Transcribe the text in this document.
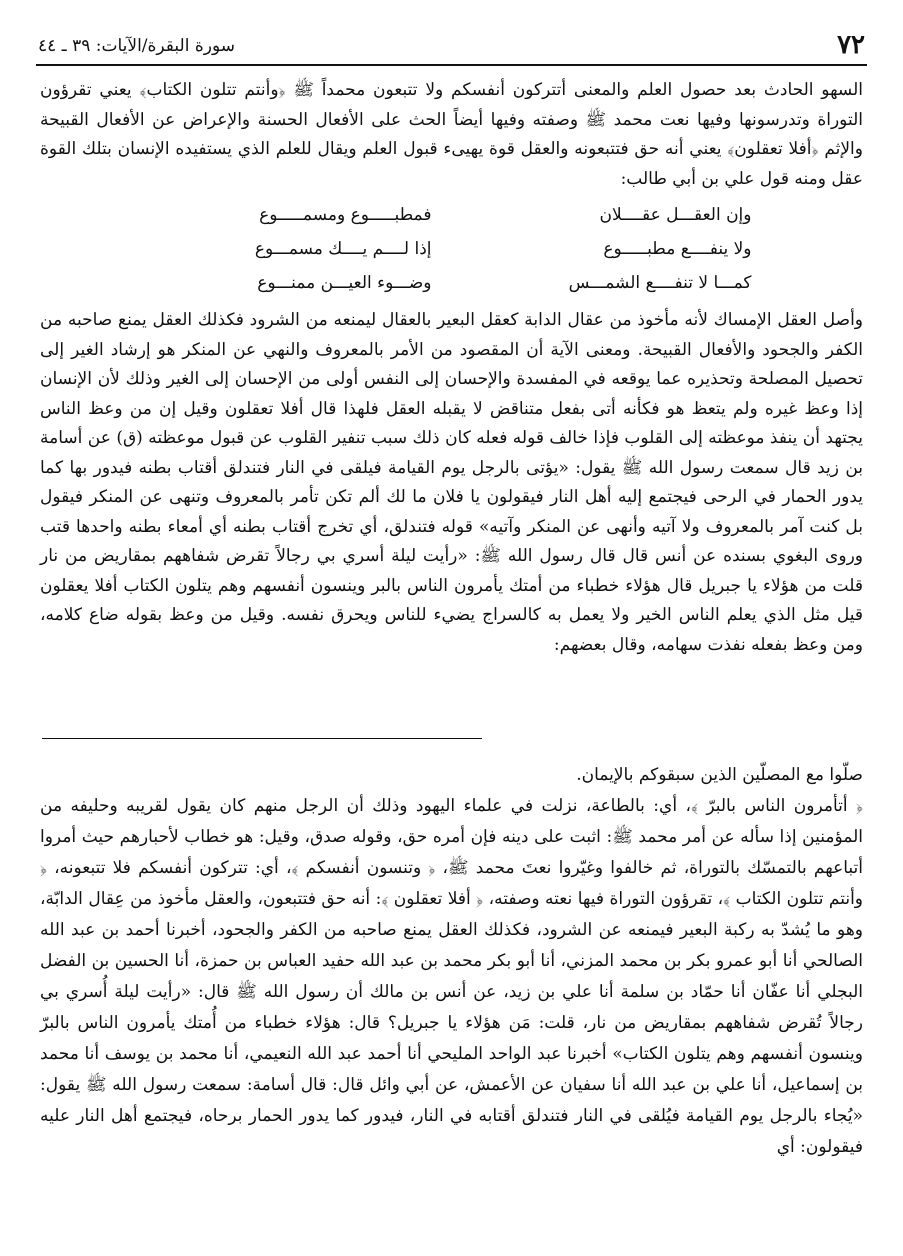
٧٢
سورة البقرة/الآيات: ٣٩ ـ ٤٤

السهو الحادث بعد حصول العلم والمعنى أتتركون أنفسكم ولا تتبعون محمداً ﷺ ﴿وأنتم تتلون الكتاب﴾ يعني تقرؤون التوراة وتدرسونها وفيها نعت محمد ﷺ وصفته وفيها أيضاً الحث على الأفعال الحسنة والإعراض عن الأفعال القبيحة والإثم ﴿أفلا تعقلون﴾ يعني أنه حق فتتبعونه والعقل قوة يهيىء قبول العلم ويقال للعلم الذي يستفيده الإنسان بتلك القوة عقل ومنه قول علي بن أبي طالب:

وإن العقـــل عقــــلان
فمطبـــــوع ومسمـــــوع
ولا ينفــــع مطبـــــوع
إذا لــــم يــــك مسمـــوع
كمـــا لا تنفــــع الشمـــس
وضـــوء العيـــن ممنـــوع

وأصل العقل الإمساك لأنه مأخوذ من عقال الدابة كعقل البعير بالعقال ليمنعه من الشرود فكذلك العقل يمنع صاحبه من الكفر والجحود والأفعال القبيحة. ومعنى الآية أن المقصود من الأمر بالمعروف والنهي عن المنكر هو إرشاد الغير إلى تحصيل المصلحة وتحذيره عما يوقعه في المفسدة والإحسان إلى النفس أولى من الإحسان إلى الغير وذلك لأن الإنسان إذا وعظ غيره ولم يتعظ هو فكأنه أتى بفعل متناقض لا يقبله العقل فلهذا قال أفلا تعقلون وقيل إن من وعظ الناس يجتهد أن ينفذ موعظته إلى القلوب فإذا خالف قوله فعله كان ذلك سبب تنفير القلوب عن قبول موعظته (ق) عن أسامة بن زيد قال سمعت رسول الله ﷺ يقول: «يؤتى بالرجل يوم القيامة فيلقى في النار فتندلق أقتاب بطنه فيدور بها كما يدور الحمار في الرحى فيجتمع إليه أهل النار فيقولون يا فلان ما لك ألم تكن تأمر بالمعروف وتنهى عن المنكر فيقول بل كنت آمر بالمعروف ولا آتيه وأنهى عن المنكر وآتيه» قوله فتندلق، أي تخرج أقتاب بطنه أي أمعاء بطنه واحدها قتب وروى البغوي بسنده عن أنس قال قال رسول الله ﷺ: «رأيت ليلة أسري بي رجالاً تقرض شفاههم بمقاريض من نار قلت من هؤلاء يا جبريل قال هؤلاء خطباء من أمتك يأمرون الناس بالبر وينسون أنفسهم وهم يتلون الكتاب أفلا يعقلون قيل مثل الذي يعلم الناس الخير ولا يعمل به كالسراج يضيء للناس ويحرق نفسه. وقيل من وعظ بقوله ضاع كلامه، ومن وعظ بفعله نفذت سهامه، وقال بعضهم:

صلّوا مع المصلّين الذين سبقوكم بالإيمان.

﴿ أتأمرون الناس بالبرّ ﴾، أي: بالطاعة، نزلت في علماء اليهود وذلك أن الرجل منهم كان يقول لقريبه وحليفه من المؤمنين إذا سأله عن أمر محمد ﷺ: اثبت على دينه فإن أمره حق، وقوله صدق، وقيل: هو خطاب لأحبارهم حيث أمروا أتباعهم بالتمسّك بالتوراة، ثم خالفوا وغيّروا نعتَ محمد ﷺ، ﴿ وتنسون أنفسكم ﴾، أي: تتركون أنفسكم فلا تتبعونه، ﴿ وأنتم تتلون الكتاب ﴾، تقرؤون التوراة فيها نعته وصفته، ﴿ أفلا تعقلون ﴾: أنه حق فتتبعون، والعقل مأخوذ من عِقال الدابّة، وهو ما يُشدّ به ركبة البعير فيمنعه عن الشرود، فكذلك العقل يمنع صاحبه من الكفر والجحود، أخبرنا أحمد بن عبد الله الصالحي أنا أبو عمرو بكر بن محمد المزني، أنا أبو بكر محمد بن عبد الله حفيد العباس بن حمزة، أنا الحسين بن الفضل البجلي أنا عفّان أنا حمّاد بن سلمة أنا علي بن زيد، عن أنس بن مالك أن رسول الله ﷺ قال: «رأيت ليلة أُسري بي رجالاً تُقرض شفاههم بمقاريض من نار، قلت: مَن هؤلاء يا جبريل؟ قال: هؤلاء خطباء من أُمتك يأمرون الناس بالبرّ وينسون أنفسهم وهم يتلون الكتاب» أخبرنا عبد الواحد المليحي أنا أحمد عبد الله النعيمي، أنا محمد بن يوسف أنا محمد بن إسماعيل، أنا علي بن عبد الله أنا سفيان عن الأعمش، عن أبي وائل قال: قال أسامة: سمعت رسول الله ﷺ يقول: «يُجاء بالرجل يوم القيامة فيُلقى في النار فتندلق أقتابه في النار، فيدور كما يدور الحمار برحاه، فيجتمع أهل النار عليه فيقولون: أي
